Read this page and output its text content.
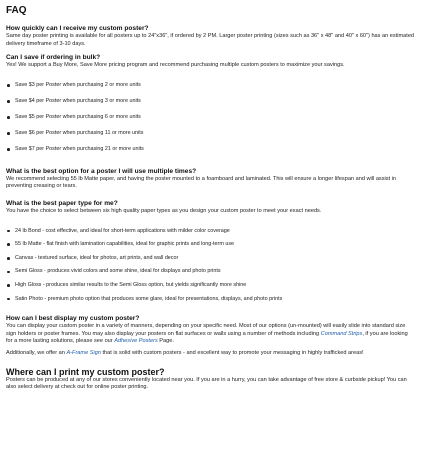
FAQ

How quickly can I receive my custom poster?

Same day poster printing is available for all posters up to 24"x36", if ordered by 2 PM. Larger poster printing (sizes such as 36" x 48" and 40" x 60") has an estimated delivery timeframe of 3-10 days.

Can I save if ordering in bulk?

Yes! We support a Buy More, Save More pricing program and recommend purchasing multiple custom posters to maximize your savings.

Save $3 per Poster when purchasing 2 or more units
Save $4 per Poster when purchasing 3 or more units
Save $5 per Poster when purchasing 6 or more units
Save $6 per Poster when purchasing 11 or more units
Save $7 per Poster when purchasing 21 or more units

What is the best option for a poster I will use multiple times?

We recommend selecting 55 lb Matte paper, and having the poster mounted to a foamboard and laminated. This will ensure a longer lifespan and will assist in preventing creasing or tears.

What is the best paper type for me?

You have the choice to select between six high quality paper types as you design your custom poster to meet your exact needs.

24 lb Bond - cost effective, and ideal for short-term applications with milder color coverage
55 lb Matte - flat finish with lamination capabilities, ideal for graphic prints and long-term use
Canvas - textured surface, ideal for photos, art prints, and wall decor
Semi Gloss - produces vivid colors and some shine, ideal for displays and photo prints
High Gloss - produces similar results to the Semi Gloss option, but yields significantly more shine
Satin Photo - premium photo option that produces some glare, ideal for presentations, displays, and photo prints

How can I best display my custom poster?

You can display your custom poster in a variety of manners, depending on your specific need. Most of our options (un-mounted) will easily slide into standard size sign holders or poster frames. You may also display your posters on flat surfaces or walls using a number of methods including Command Strips, if you are looking for a more lasting solutions, please see our Adhesive Posters Page.

Additionally, we offer an A-Frame Sign that is solid with custom posters - and excellent way to promote your messaging in highly trafficked areas!

Where can I print my custom poster?

Posters can be produced at any of our stores conveniently located near you. If you are in a hurry, you can take advantage of free store & curbside pickup! You can also select delivery at check out for online poster printing.
